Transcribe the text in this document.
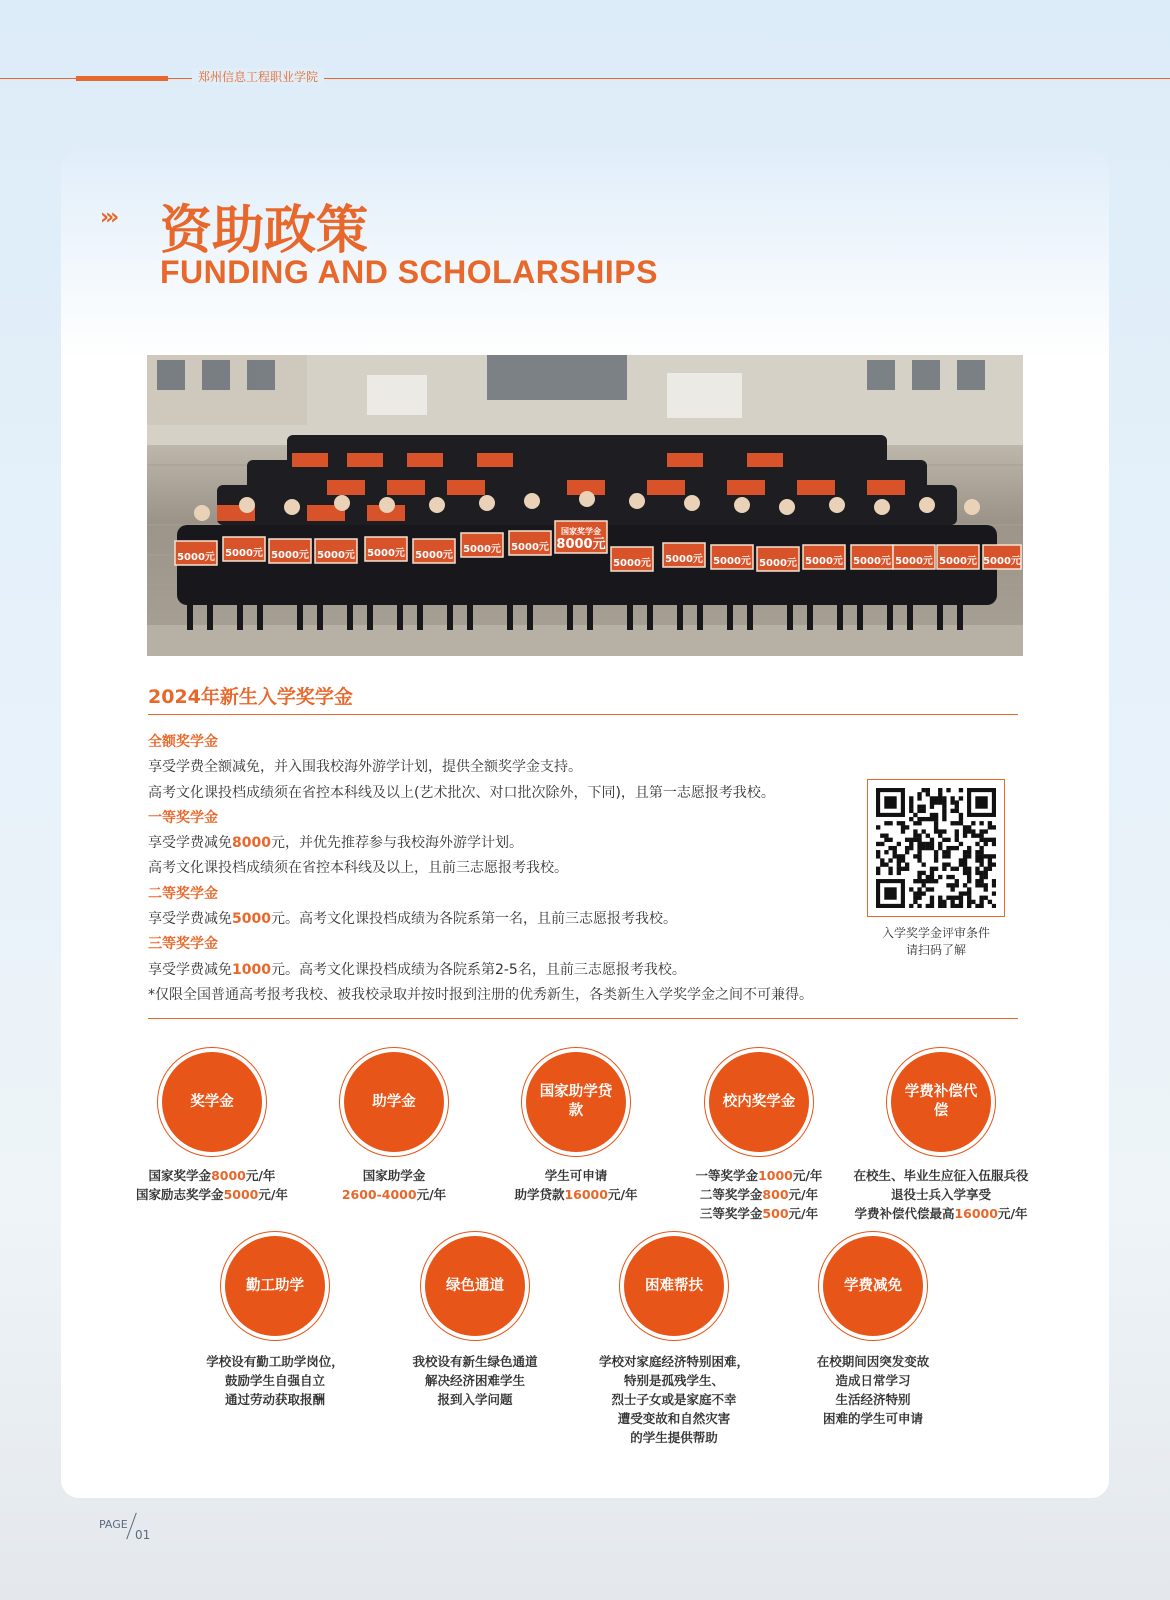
郑州信息工程职业学院
››› 资助政策
FUNDING AND SCHOLARSHIPS
5000元 5000元 5000元 5000元 5000元 5000元
5000元 5000元
5000元 5000元 5000元 5000元 5000元 5000元 5000元 5000元 5000元
国家奖学金
8000元
2024年新生入学奖学金
全额奖学金
享受学费全额减免，并入围我校海外游学计划，提供全额奖学金支持。
高考文化课投档成绩须在省控本科线及以上(艺术批次、对口批次除外，下同)，且第一志愿报考我校。
一等奖学金
享受学费减免8000元，并优先推荐参与我校海外游学计划。
高考文化课投档成绩须在省控本科线及以上，且前三志愿报考我校。
二等奖学金
享受学费减免5000元。高考文化课投档成绩为各院系第一名，且前三志愿报考我校。
三等奖学金
享受学费减免1000元。高考文化课投档成绩为各院系第2-5名，且前三志愿报考我校。
*仅限全国普通高考报考我校、被我校录取并按时报到注册的优秀新生，各类新生入学奖学金之间不可兼得。
入学奖学金评审条件
请扫码了解
奖学金	助学金
国家助学贷款
校内奖学金
学费补偿代偿
国家奖学金8000元/年
国家励志奖学金5000元/年
国家助学金
2600-4000元/年
学生可申请
助学贷款16000元/年
一等奖学金1000元/年
二等奖学金800元/年
三等奖学金500元/年
在校生、毕业生应征入伍服兵役
退役士兵入学享受
学费补偿代偿最高16000元/年
勤工助学	绿色通道	困难帮扶	学费减免
学校设有勤工助学岗位，
鼓励学生自强自立
通过劳动获取报酬
我校设有新生绿色通道
解决经济困难学生
报到入学问题
学校对家庭经济特别困难，
特别是孤残学生、
烈士子女或是家庭不幸
遭受变故和自然灾害
的学生提供帮助
在校期间因突发变故
造成日常学习
生活经济特别
困难的学生可申请
PAGE
01
